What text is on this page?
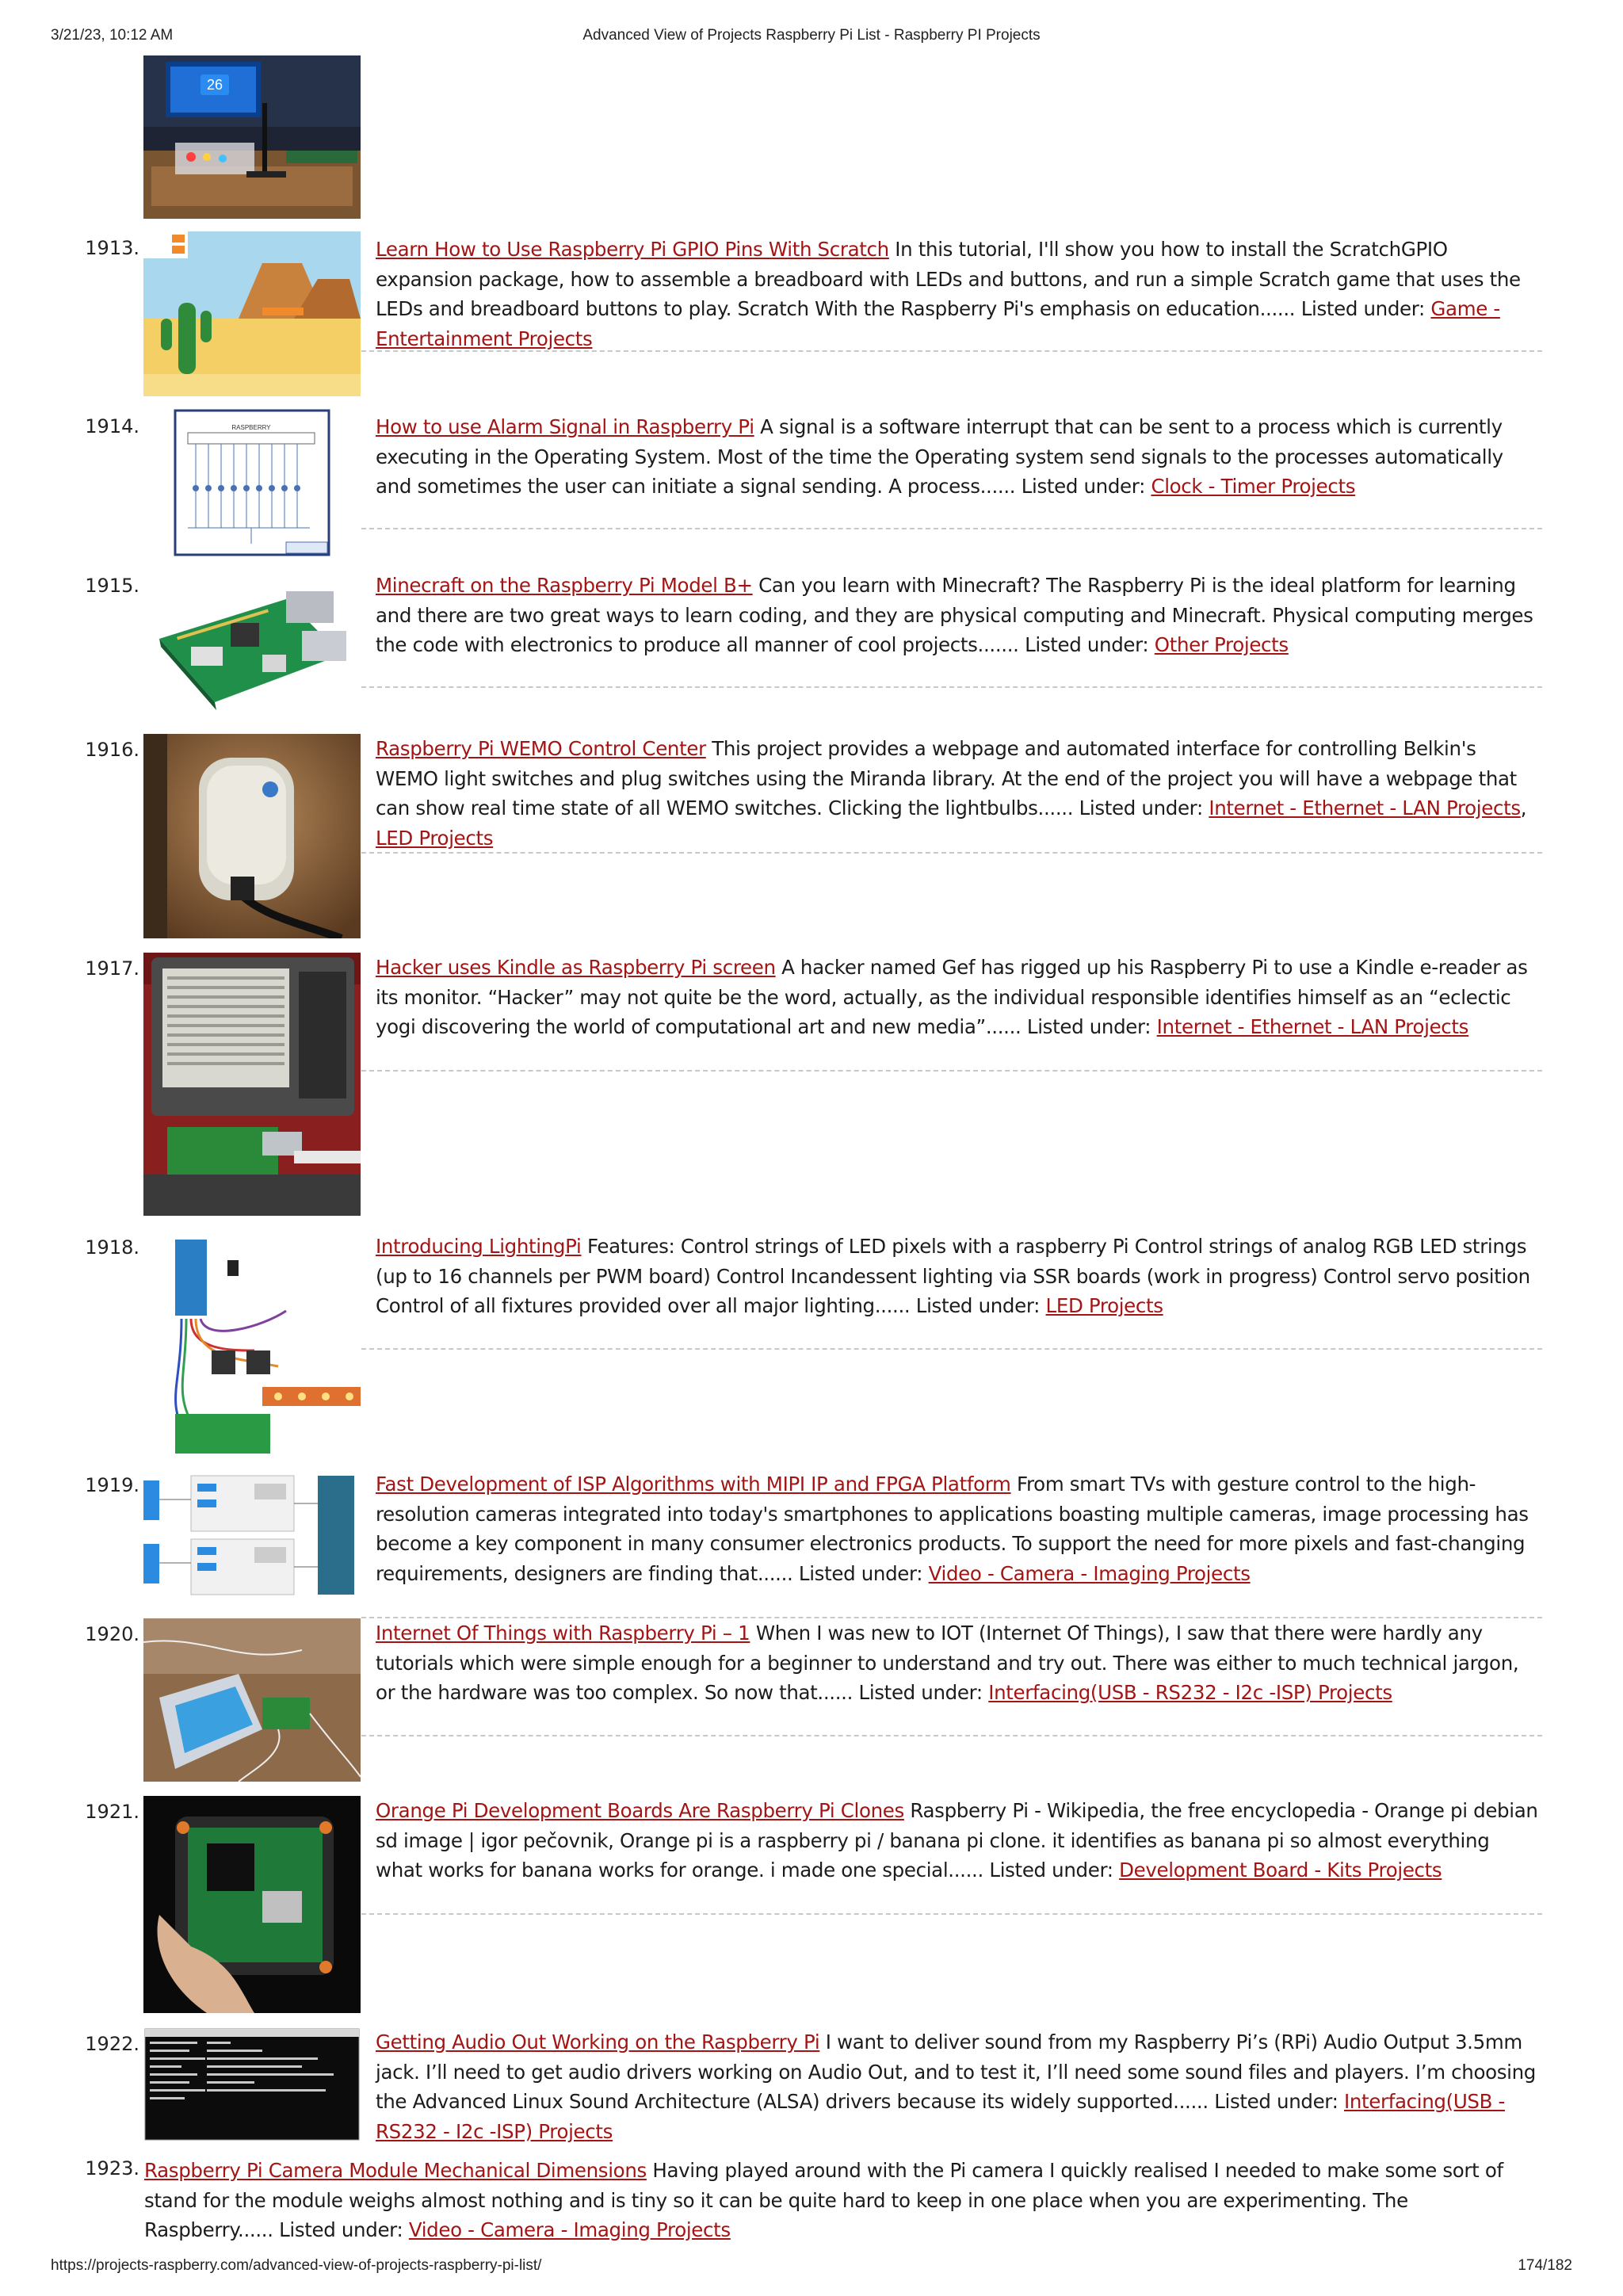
3/21/23, 10:12 AM	Advanced View of Projects Raspberry Pi List - Raspberry PI Projects
https://projects-raspberry.com/advanced-view-of-projects-raspberry-pi-list/	174/182
26
1913.	Learn How to Use Raspberry Pi GPIO Pins With Scratch In this tutorial, I'll show you how to install the ScratchGPIO expansion package, how to assemble a breadboard with LEDs and buttons, and run a simple Scratch game that uses the LEDs and breadboard buttons to play. Scratch With the Raspberry Pi's emphasis on education...... Listed under: Game - Entertainment Projects
1914.	RASPBERRY	How to use Alarm Signal in Raspberry Pi A signal is a software interrupt that can be sent to a process which is currently executing in the Operating System. Most of the time the Operating system send signals to the processes automatically and sometimes the user can initiate a signal sending. A process...... Listed under: Clock - Timer Projects
1915.	Minecraft on the Raspberry Pi Model B+ Can you learn with Minecraft? The Raspberry Pi is the ideal platform for learning and there are two great ways to learn coding, and they are physical computing and Minecraft. Physical computing merges the code with electronics to produce all manner of cool projects....... Listed under: Other Projects
1916.	Raspberry Pi WEMO Control Center This project provides a webpage and automated interface for controlling Belkin's WEMO light switches and plug switches using the Miranda library. At the end of the project you will have a webpage that can show real time state of all WEMO switches. Clicking the lightbulbs...... Listed under: Internet - Ethernet - LAN Projects, LED Projects
1917.	Hacker uses Kindle as Raspberry Pi screen A hacker named Gef has rigged up his Raspberry Pi to use a Kindle e-reader as its monitor. “Hacker” may not quite be the word, actually, as the individual responsible identifies himself as an “eclectic yogi discovering the world of computational art and new media”...... Listed under: Internet - Ethernet - LAN Projects
1918.	Introducing LightingPi Features: Control strings of LED pixels with a raspberry Pi Control strings of analog RGB LED strings (up to 16 channels per PWM board) Control Incandessent lighting via SSR boards (work in progress) Control servo position Control of all fixtures provided over all major lighting...... Listed under: LED Projects
1919.	Fast Development of ISP Algorithms with MIPI IP and FPGA Platform From smart TVs with gesture control to the high-resolution cameras integrated into today's smartphones to applications boasting multiple cameras, image processing has become a key component in many consumer electronics products. To support the need for more pixels and fast-changing requirements, designers are finding that...... Listed under: Video - Camera - Imaging Projects
1920.	Internet Of Things with Raspberry Pi – 1 When I was new to IOT (Internet Of Things), I saw that there were hardly any tutorials which were simple enough for a beginner to understand and try out. There was either to much technical jargon, or the hardware was too complex. So now that...... Listed under: Interfacing(USB - RS232 - I2c -ISP) Projects
1921.	Orange Pi Development Boards Are Raspberry Pi Clones Raspberry Pi - Wikipedia, the free encyclopedia - Orange pi debian sd image | igor pečovnik, Orange pi is a raspberry pi / banana pi clone. it identifies as banana pi so almost everything what works for banana works for orange. i made one special...... Listed under: Development Board - Kits Projects
1922.	Getting Audio Out Working on the Raspberry Pi I want to deliver sound from my Raspberry Pi’s (RPi) Audio Output 3.5mm jack. I’ll need to get audio drivers working on Audio Out, and to test it, I’ll need some sound files and players. I’m choosing the Advanced Linux Sound Architecture (ALSA) drivers because its widely supported...... Listed under: Interfacing(USB - RS232 - I2c -ISP) Projects
1923. Raspberry Pi Camera Module Mechanical Dimensions Having played around with the Pi camera I quickly realised I needed to make some sort of stand for the module weighs almost nothing and is tiny so it can be quite hard to keep in one place when you are experimenting. The Raspberry...... Listed under: Video - Camera - Imaging Projects
